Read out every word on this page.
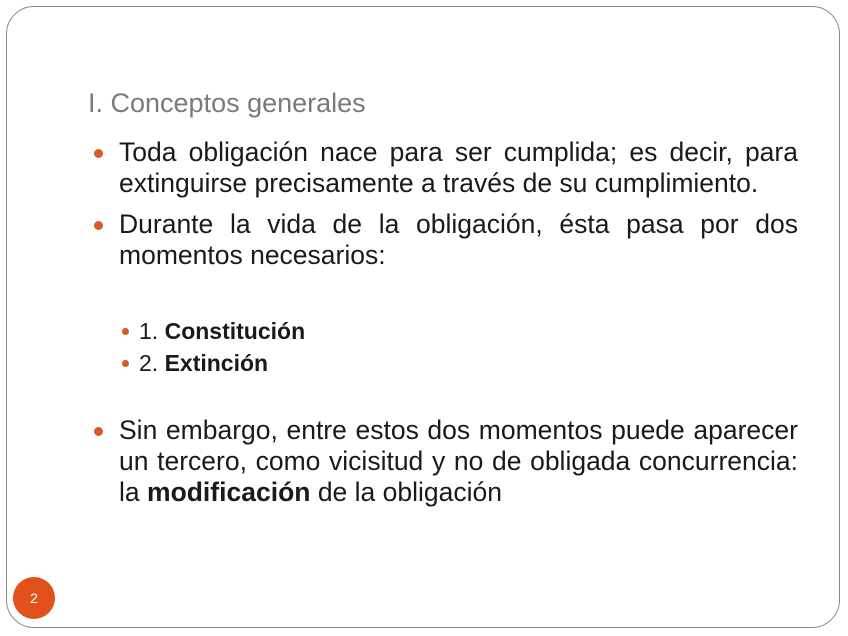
I. Conceptos generales
Toda obligación nace para ser cumplida; es decir, para extinguirse precisamente a través de su cumplimiento.
Durante la vida de la obligación, ésta pasa por dos momentos necesarios:
1. Constitución
2. Extinción
Sin embargo, entre estos dos momentos puede aparecer un tercero, como vicisitud y no de obligada concurrencia: la modificación de la obligación
2
